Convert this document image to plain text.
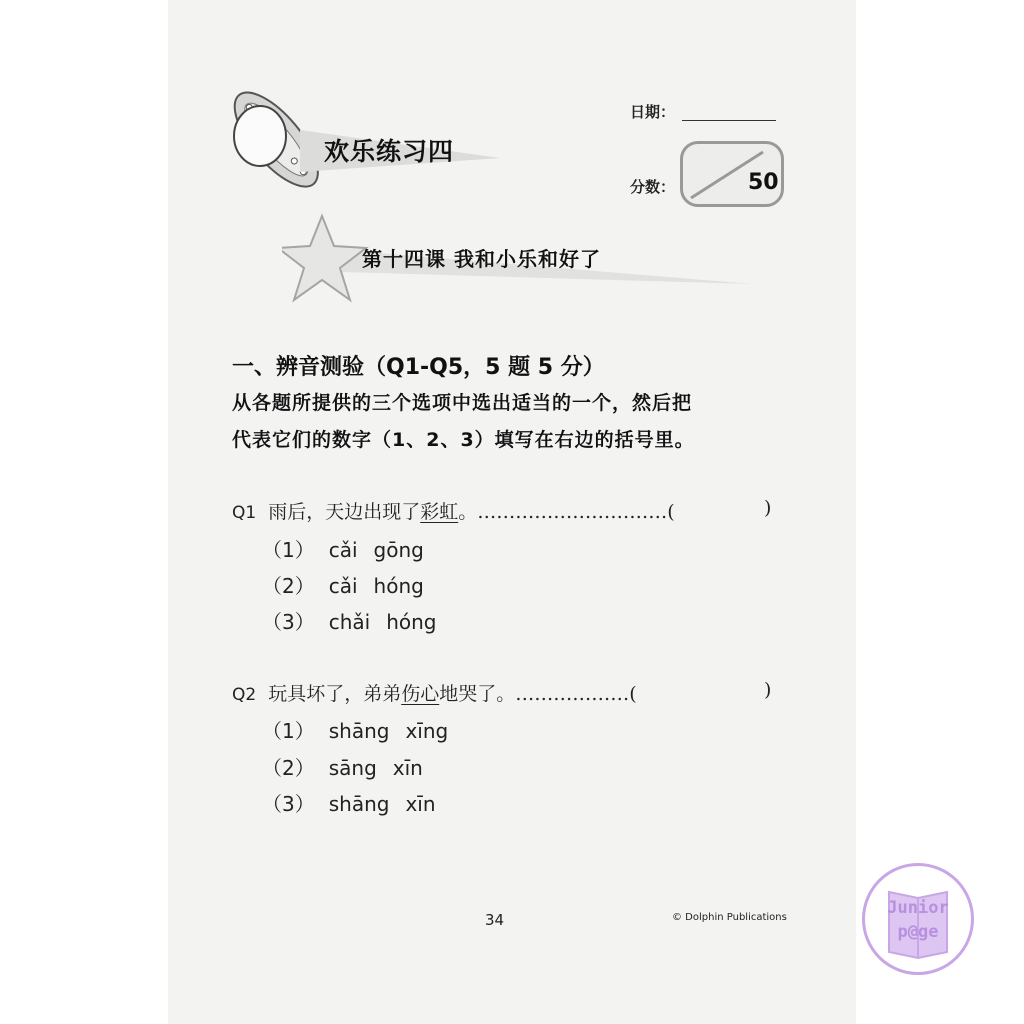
欢乐练习四
日期：
分数：	50
第十四课 我和小乐和好了
一、辨音测验（Q1-Q5，5 题 5 分）
从各题所提供的三个选项中选出适当的一个，然后把
代表它们的数字（1、2、3）填写在右边的括号里。
Q1 雨后，天边出现了彩虹。…………………………(	)
（1） cǎi gōng
（2） cǎi hóng
（3） chǎi hóng
Q2 玩具坏了，弟弟伤心地哭了。………………(	)
（1） shāng xīng
（2） sāng xīn
（3） shāng xīn
34	© Dolphin Publications	Junior
p@ge
